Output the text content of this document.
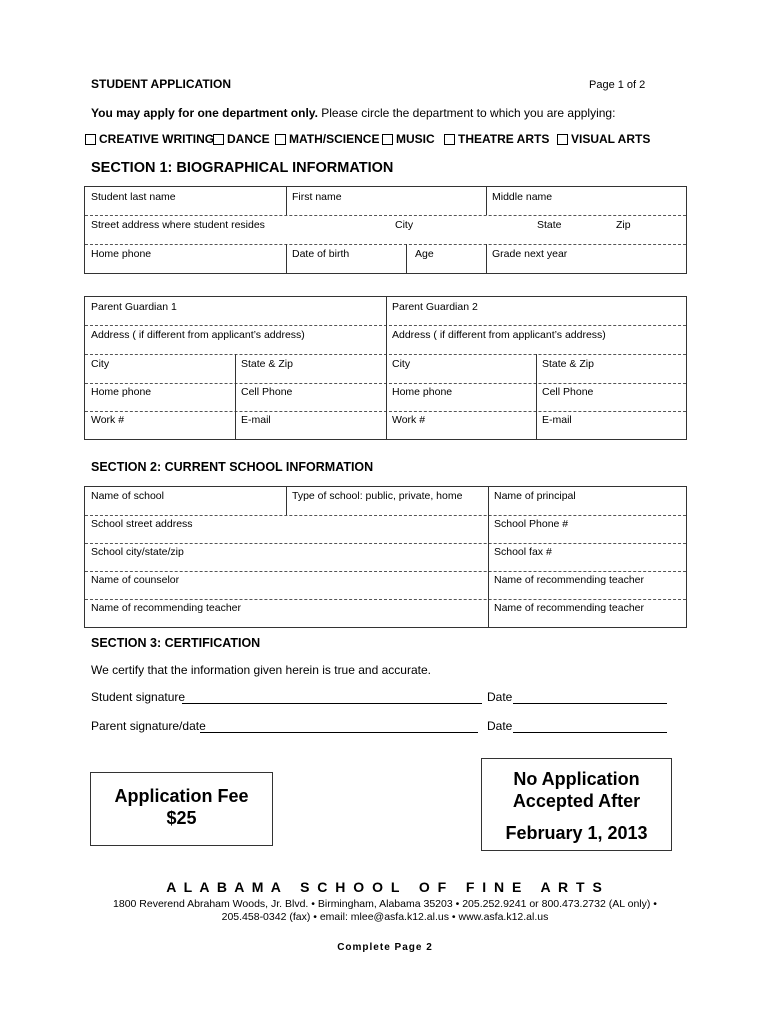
STUDENT APPLICATION	Page 1 of 2
You may apply for one department only. Please circle the department to which you are applying:
CREATIVE WRITING DANCE MATH/SCIENCE MUSIC THEATRE ARTS VISUAL ARTS
SECTION 1: BIOGRAPHICAL INFORMATION
Student last name	First name	Middle name
Street address where student resides	City	State	Zip
Home phone	Date of birth	Age	Grade next year
Parent Guardian 1	Parent Guardian 2
Address ( if different from applicant’s address)	Address ( if different from applicant’s address)
City	State & Zip	City	State & Zip
Home phone	Cell Phone	Home phone	Cell Phone
Work #	E-mail	Work #	E-mail
SECTION 2: CURRENT SCHOOL INFORMATION
Name of school	Type of school: public, private, home	Name of principal
School street address	School Phone #
School city/state/zip	School fax #
Name of counselor	Name of recommending teacher
Name of recommending teacher	Name of recommending teacher
SECTION 3: CERTIFICATION
We certify that the information given herein is true and accurate.
Student signature	Date
Parent signature/date	Date
Application Fee
$25
No Application
Accepted After
February 1, 2013
A L A B A M A   S C H O O L   O F   F I N E   A R T S
1800 Reverend Abraham Woods, Jr. Blvd. • Birmingham, Alabama 35203 • 205.252.9241 or 800.473.2732 (AL only) •
205.458-0342 (fax) • email: mlee@asfa.k12.al.us • www.asfa.k12.al.us
Complete Page 2
